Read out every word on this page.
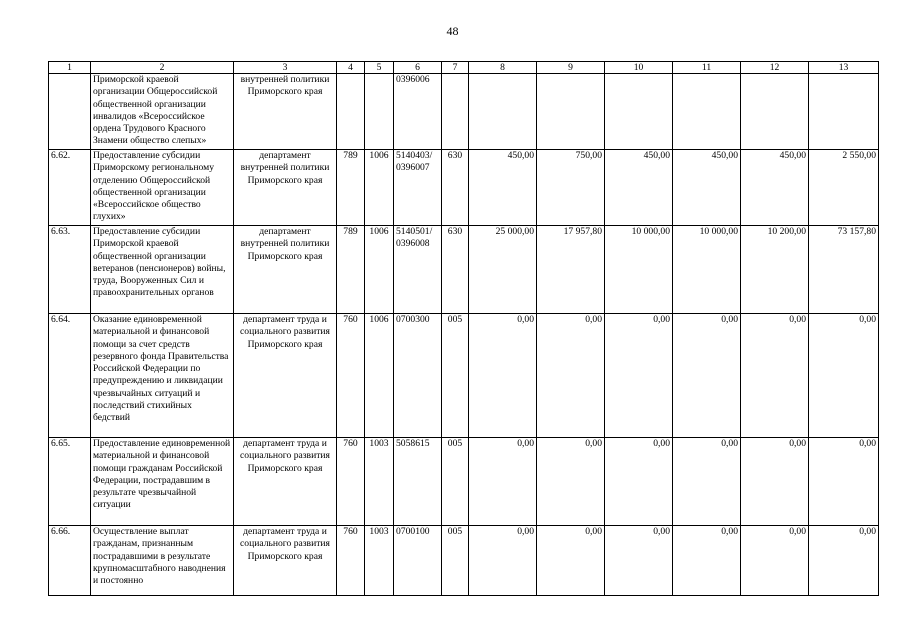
48
1	2	3	4	5	6	7	8	9	10	11	12	13
	Приморской краевой организации Общероссийской общественной организации инвалидов «Всероссийское ордена Трудового Красного Знамени общество слепых»	внутренней политики Приморского края			0396006							
6.62.	Предоставление субсидии Приморскому региональному отделению Общероссийской общественной организации «Всероссийское общество глухих»	департамент внутренней политики Приморского края	789	1006	5140403/ 0396007	630	450,00	750,00	450,00	450,00	450,00	2 550,00
6.63.	Предоставление субсидии Приморской краевой общественной организации ветеранов (пенсионеров) войны, труда, Вооруженных Сил и правоохранительных органов	департамент внутренней политики Приморского края	789	1006	5140501/ 0396008	630	25 000,00	17 957,80	10 000,00	10 000,00	10 200,00	73 157,80
6.64.	Оказание единовременной материальной и финансовой помощи за счет средств резервного фонда Правительства Российской Федерации по предупреждению и ликвидации чрезвычайных ситуаций и последствий стихийных бедствий	департамент труда и социального развития Приморского края	760	1006	0700300	005	0,00	0,00	0,00	0,00	0,00	0,00
6.65.	Предоставление единовременной материальной и финансовой помощи гражданам Российской Федерации, пострадавшим в результате чрезвычайной ситуации	департамент труда и социального развития Приморского края	760	1003	5058615	005	0,00	0,00	0,00	0,00	0,00	0,00
6.66.	Осуществление выплат гражданам, признанным пострадавшими в результате крупномасштабного наводнения и постоянно	департамент труда и социального развития Приморского края	760	1003	0700100	005	0,00	0,00	0,00	0,00	0,00	0,00
